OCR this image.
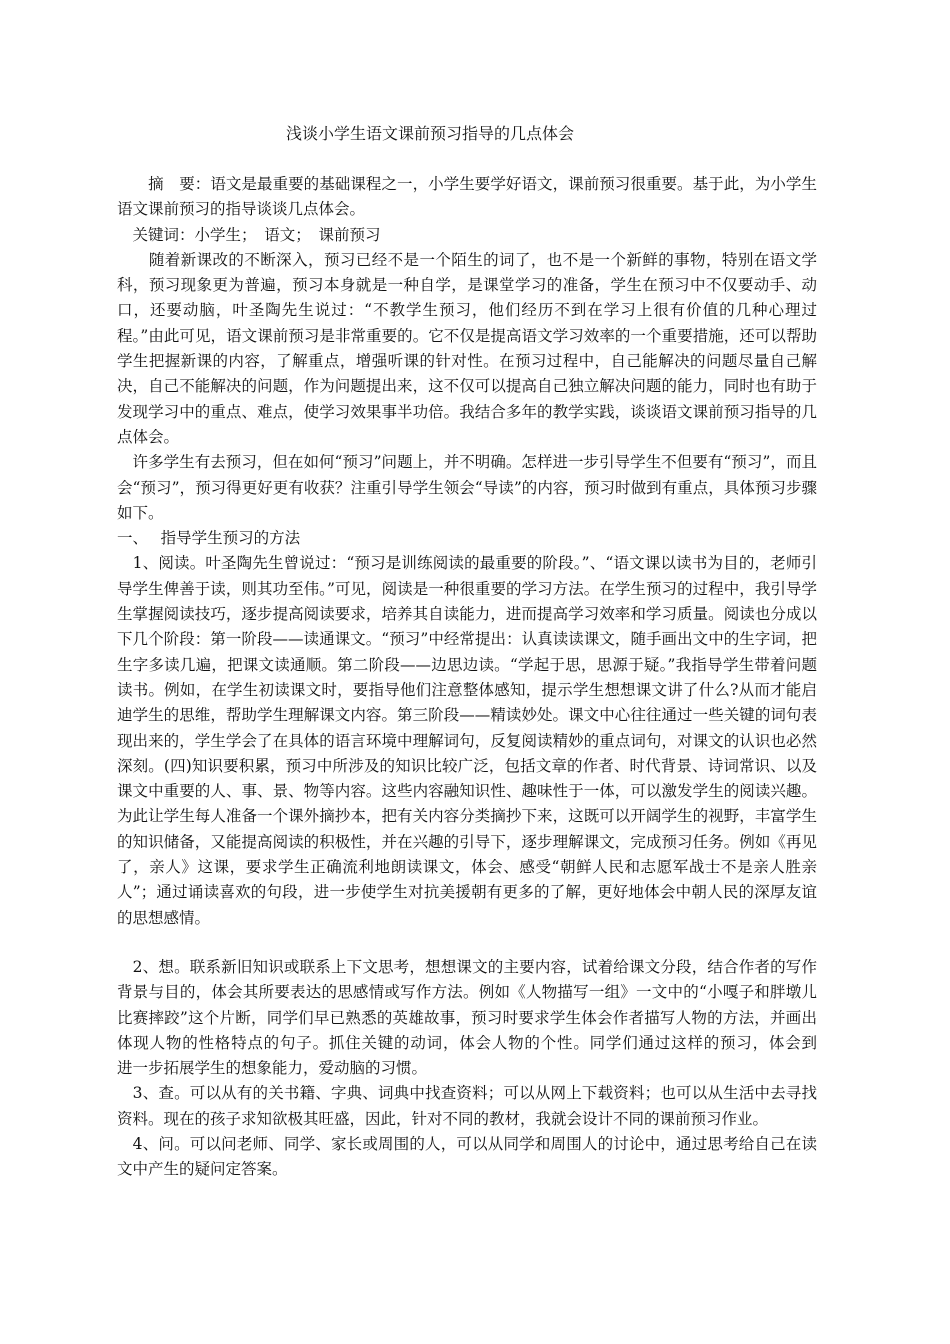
浅谈小学生语文课前预习指导的几点体会

　　摘　要：语文是最重要的基础课程之一，小学生要学好语文，课前预习很重要。基于此，为小学生语文课前预习的指导谈谈几点体会。

　关键词：小学生；　语文；　课前预习

　　随着新课改的不断深入，预习已经不是一个陌生的词了，也不是一个新鲜的事物，特别在语文学科，预习现象更为普遍，预习本身就是一种自学，是课堂学习的准备，学生在预习中不仅要动手、动口，还要动脑，叶圣陶先生说过：“不教学生预习，他们经历不到在学习上很有价值的几种心理过程。”由此可见，语文课前预习是非常重要的。它不仅是提高语文学习效率的一个重要措施，还可以帮助学生把握新课的内容，了解重点，增强听课的针对性。在预习过程中，自己能解决的问题尽量自己解决，自己不能解决的问题，作为问题提出来，这不仅可以提高自己独立解决问题的能力，同时也有助于发现学习中的重点、难点，使学习效果事半功倍。我结合多年的教学实践，谈谈语文课前预习指导的几点体会。

　许多学生有去预习，但在如何“预习”问题上，并不明确。怎样进一步引导学生不但要有“预习”，而且会“预习”，预习得更好更有收获？注重引导学生领会“导读”的内容，预习时做到有重点，具体预习步骤如下。

一、　 指导学生预习的方法

　1、阅读。叶圣陶先生曾说过：“预习是训练阅读的最重要的阶段。”、“语文课以读书为目的，老师引导学生俾善于读，则其功至伟。”可见，阅读是一种很重要的学习方法。在学生预习的过程中，我引导学生掌握阅读技巧，逐步提高阅读要求，培养其自读能力，进而提高学习效率和学习质量。阅读也分成以下几个阶段：第一阶段——读通课文。“预习”中经常提出：认真读读课文，随手画出文中的生字词，把生字多读几遍，把课文读通顺。第二阶段——边思边读。“学起于思，思源于疑。”我指导学生带着问题读书。例如，在学生初读课文时，要指导他们注意整体感知，提示学生想想课文讲了什么?从而才能启迪学生的思维，帮助学生理解课文内容。第三阶段——精读妙处。课文中心往往通过一些关键的词句表现出来的，学生学会了在具体的语言环境中理解词句，反复阅读精妙的重点词句，对课文的认识也必然深刻。(四)知识要积累，预习中所涉及的知识比较广泛，包括文章的作者、时代背景、诗词常识、以及课文中重要的人、事、景、物等内容。这些内容融知识性、趣味性于一体，可以激发学生的阅读兴趣。为此让学生每人准备一个课外摘抄本，把有关内容分类摘抄下来，这既可以开阔学生的视野，丰富学生的知识储备，又能提高阅读的积极性，并在兴趣的引导下，逐步理解课文，完成预习任务。例如《再见了，亲人》这课，要求学生正确流利地朗读课文，体会、感受“朝鲜人民和志愿军战士不是亲人胜亲人”；通过诵读喜欢的句段，进一步使学生对抗美援朝有更多的了解，更好地体会中朝人民的深厚友谊的思想感情。

　2、想。联系新旧知识或联系上下文思考，想想课文的主要内容，试着给课文分段，结合作者的写作背景与目的，体会其所要表达的思感情或写作方法。例如《人物描写一组》一文中的“小嘎子和胖墩儿比赛摔跤”这个片断，同学们早已熟悉的英雄故事，预习时要求学生体会作者描写人物的方法，并画出体现人物的性格特点的句子。抓住关键的动词，体会人物的个性。同学们通过这样的预习，体会到　 进一步拓展学生的想象能力，爱动脑的习惯。

　3、查。可以从有的关书籍、字典、词典中找查资料；可以从网上下载资料；也可以从生活中去寻找资料。现在的孩子求知欲极其旺盛，因此，针对不同的教材，我就会设计不同的课前预习作业。

　4、问。可以问老师、同学、家长或周围的人，可以从同学和周围人的讨论中，通过思考给自己在读文中产生的疑问定答案。
